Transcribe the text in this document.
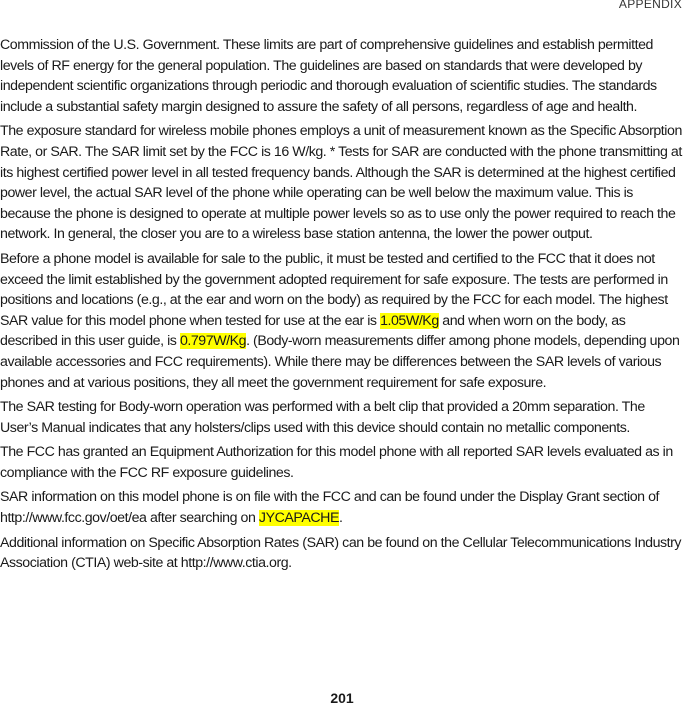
APPENDIX

Commission of the U.S. Government. These limits are part of comprehensive guidelines and establish permitted levels of RF energy for the general population. The guidelines are based on standards that were developed by independent scientific organizations through periodic and thorough evaluation of scientific studies. The standards include a substantial safety margin designed to assure the safety of all persons, regardless of age and health.

The exposure standard for wireless mobile phones employs a unit of measurement known as the Specific Absorption Rate, or SAR. The SAR limit set by the FCC is 16 W/kg. * Tests for SAR are conducted with the phone transmitting at its highest certified power level in all tested frequency bands. Although the SAR is determined at the highest certified power level, the actual SAR level of the phone while operating can be well below the maximum value. This is because the phone is designed to operate at multiple power levels so as to use only the power required to reach the network. In general, the closer you are to a wireless base station antenna, the lower the power output.

Before a phone model is available for sale to the public, it must be tested and certified to the FCC that it does not exceed the limit established by the government adopted requirement for safe exposure. The tests are performed in positions and locations (e.g., at the ear and worn on the body) as required by the FCC for each model. The highest SAR value for this model phone when tested for use at the ear is 1.05W/Kg and when worn on the body, as described in this user guide, is 0.797W/Kg. (Body-worn measurements differ among phone models, depending upon available accessories and FCC requirements). While there may be differences between the SAR levels of various phones and at various positions, they all meet the government requirement for safe exposure.

The SAR testing for Body-worn operation was performed with a belt clip that provided a 20mm separation. The User’s Manual indicates that any holsters/clips used with this device should contain no metallic components.

The FCC has granted an Equipment Authorization for this model phone with all reported SAR levels evaluated as in compliance with the FCC RF exposure guidelines.

SAR information on this model phone is on file with the FCC and can be found under the Display Grant section of http://www.fcc.gov/oet/ea after searching on JYCAPACHE.

Additional information on Specific Absorption Rates (SAR) can be found on the Cellular Telecommunications Industry Association (CTIA) web-site at http://www.ctia.org.

201
